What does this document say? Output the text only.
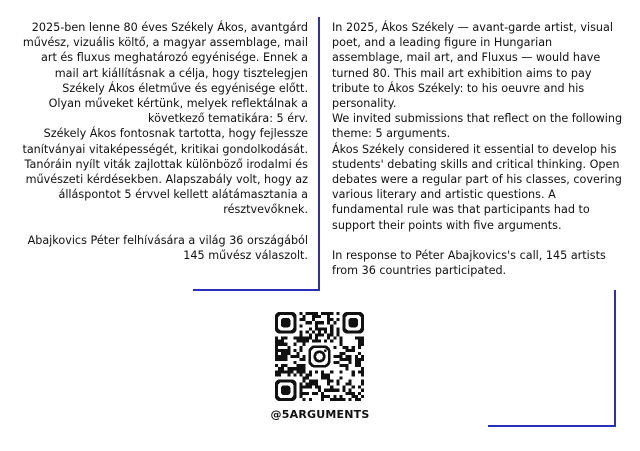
2025-ben lenne 80 éves Székely Ákos, avantgárd művész, vizuális költő, a magyar assemblage, mail art és fluxus meghatározó egyénisége. Ennek a mail art kiállításnak a célja, hogy tisztelegjen Székely Ákos életműve és egyénisége előtt.

Olyan műveket kértünk, melyek reflektálnak a következő tematikára: 5 érv.

Székely Ákos fontosnak tartotta, hogy fejlessze tanítványai vitaképességét, kritikai gondolkodását. Tanóráin nyílt viták zajlottak különböző irodalmi és művészeti kérdésekben. Alapszabály volt, hogy az álláspontot 5 érvvel kellett alátámasztania a résztvevőknek.

Abajkovics Péter felhívására a világ 36 országából 145 művész válaszolt.

In 2025, Ákos Székely — avant-garde artist, visual poet, and a leading figure in Hungarian assemblage, mail art, and Fluxus — would have turned 80. This mail art exhibition aims to pay tribute to Ákos Székely: to his oeuvre and his personality.

We invited submissions that reflect on the following theme: 5 arguments.

Ákos Székely considered it essential to develop his students' debating skills and critical thinking. Open debates were a regular part of his classes, covering various literary and artistic questions. A fundamental rule was that participants had to support their points with five arguments.

In response to Péter Abajkovics's call, 145 artists from 36 countries participated.

@5ARGUMENTS
